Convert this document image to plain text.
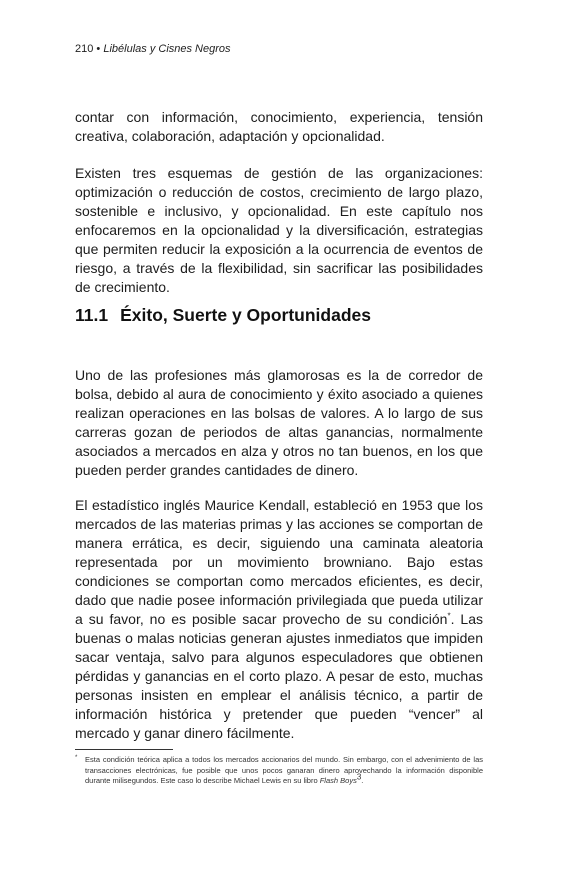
210 • Libélulas y Cisnes Negros

contar con información, conocimiento, experiencia, tensión creativa, colaboración, adaptación y opcionalidad.

Existen tres esquemas de gestión de las organizaciones: optimización o reducción de costos, crecimiento de largo plazo, sostenible e inclusivo, y opcionalidad. En este capítulo nos enfocaremos en la opcionalidad y la diversificación, estrategias que permiten reducir la exposición a la ocurrencia de eventos de riesgo, a través de la flexibilidad, sin sacrificar las posibilidades de crecimiento.

11.1 Éxito, Suerte y Oportunidades

Uno de las profesiones más glamorosas es la de corredor de bolsa, debido al aura de conocimiento y éxito asociado a quienes realizan operaciones en las bolsas de valores. A lo largo de sus carreras gozan de periodos de altas ganancias, normalmente asociados a mercados en alza y otros no tan buenos, en los que pueden perder grandes cantidades de dinero.

El estadístico inglés Maurice Kendall, estableció en 1953 que los mercados de las materias primas y las acciones se comportan de manera errática, es decir, siguiendo una caminata aleatoria representada por un movimiento browniano. Bajo estas condiciones se comportan como mercados eficientes, es decir, dado que nadie posee información privilegiada que pueda utilizar a su favor, no es posible sacar provecho de su condición*. Las buenas o malas noticias generan ajustes inmediatos que impiden sacar ventaja, salvo para algunos especuladores que obtienen pérdidas y ganancias en el corto plazo. A pesar de esto, muchas personas insisten en emplear el análisis técnico, a partir de información histórica y pretender que pueden “vencer” al mercado y ganar dinero fácilmente.

*	Esta condición teórica aplica a todos los mercados accionarios del mundo. Sin embargo, con el advenimiento de las transacciones electrónicas, fue posible que unos pocos ganaran dinero aprovechando la información disponible durante milisegundos. Este caso lo describe Michael Lewis en su libro Flash Boys3.
